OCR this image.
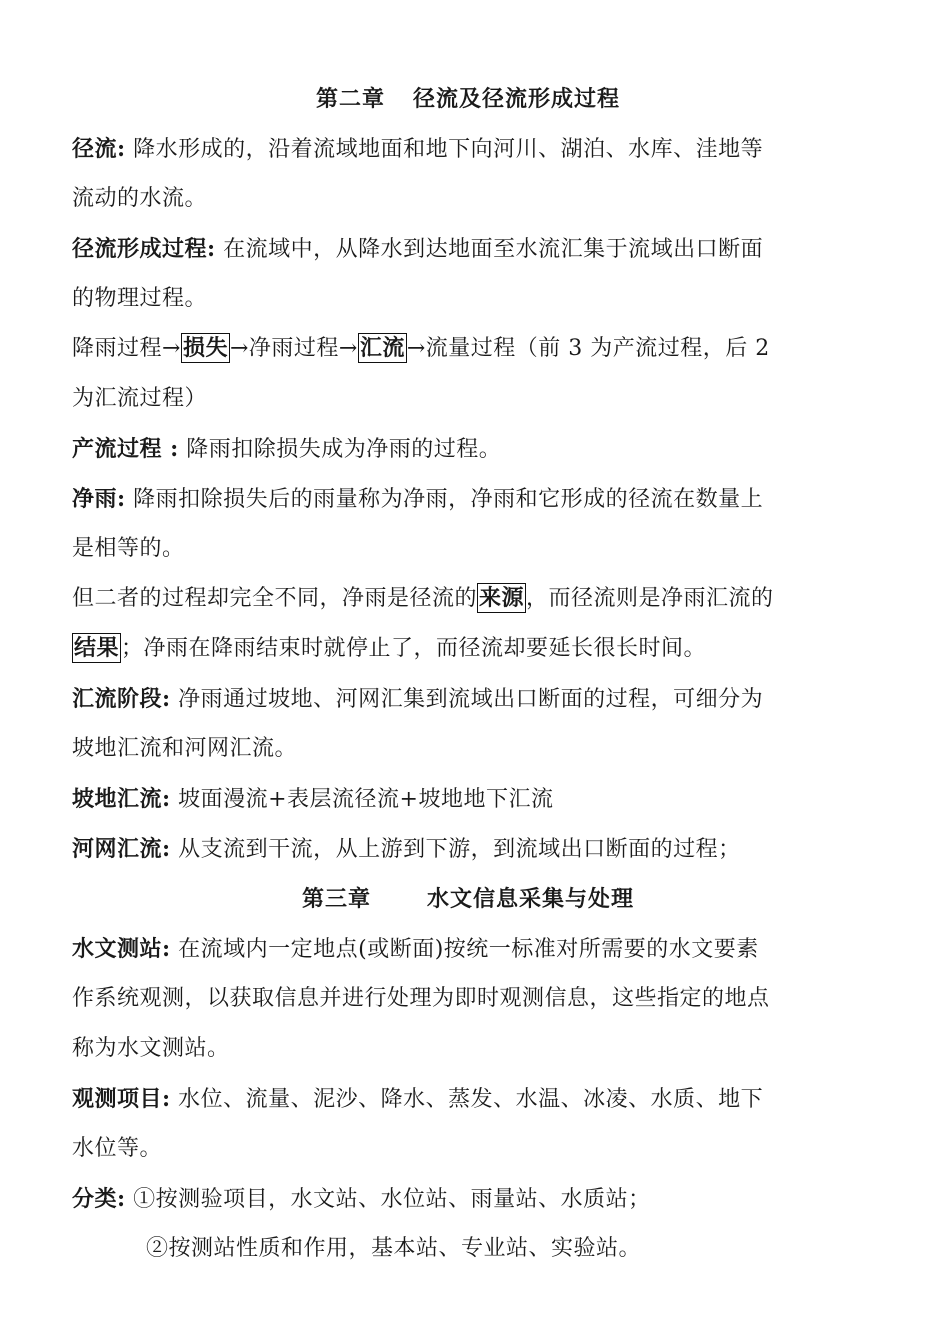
第二章 径流及径流形成过程
径流: 降水形成的，沿着流域地面和地下向河川、湖泊、水库、洼地等
流动的水流。
径流形成过程: 在流域中，从降水到达地面至水流汇集于流域出口断面
的物理过程。
降雨过程→损失→净雨过程→汇流→流量过程（前 3 为产流过程，后 2
为汇流过程）
产流过程 : 降雨扣除损失成为净雨的过程。
净雨: 降雨扣除损失后的雨量称为净雨，净雨和它形成的径流在数量上
是相等的。
但二者的过程却完全不同，净雨是径流的来源，而径流则是净雨汇流的
结果；净雨在降雨结束时就停止了，而径流却要延长很长时间。
汇流阶段: 净雨通过坡地、河网汇集到流域出口断面的过程，可细分为
坡地汇流和河网汇流。
坡地汇流: 坡面漫流+表层流径流+坡地地下汇流
河网汇流: 从支流到干流，从上游到下游，到流域出口断面的过程；
第三章	水文信息采集与处理
水文测站: 在流域内一定地点(或断面)按统一标准对所需要的水文要素
作系统观测，以获取信息并进行处理为即时观测信息，这些指定的地点
称为水文测站。
观测项目: 水位、流量、泥沙、降水、蒸发、水温、冰凌、水质、地下
水位等。
分类: ①按测验项目，水文站、水位站、雨量站、水质站；
②按测站性质和作用，基本站、专业站、实验站。
